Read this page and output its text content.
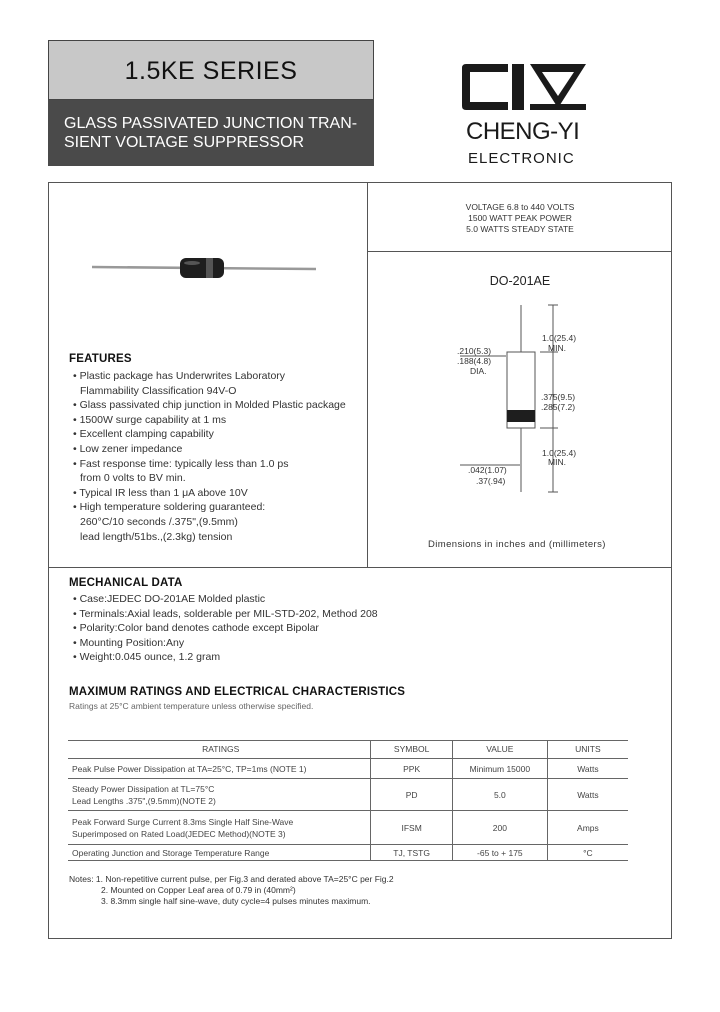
1.5KE SERIES
GLASS PASSIVATED JUNCTION TRAN-
SIENT VOLTAGE SUPPRESSOR	CHENG-YI
ELECTRONIC
VOLTAGE 6.8 to 440 VOLTS
1500 WATT PEAK POWER
5.0 WATTS STEADY STATE
DO-201AE
1.0(25.4)
MIN.
.210(5.3)
.188(4.8)
DIA.
.375(9.5)
.285(7.2)
1.0(25.4)
MIN.
.042(1.07)
.37(.94)
Dimensions in inches and (millimeters)
FEATURES
• Plastic package has Underwrites Laboratory
Flammability Classification 94V-O
• Glass passivated chip junction in Molded Plastic package
• 1500W surge capability at 1 ms
• Excellent clamping capability
• Low zener impedance
• Fast response time: typically less than 1.0 ps
from 0 volts to BV min.
• Typical IR less than 1 μA above 10V
• High temperature soldering guaranteed:
260°C/10 seconds /.375",(9.5mm)
lead length/51bs.,(2.3kg) tension
MECHANICAL DATA
• Case:JEDEC DO-201AE Molded plastic
• Terminals:Axial leads, solderable per MIL-STD-202, Method 208
• Polarity:Color band denotes cathode except Bipolar
• Mounting Position:Any
• Weight:0.045 ounce, 1.2 gram
MAXIMUM RATINGS AND ELECTRICAL CHARACTERISTICS
Ratings at 25°C ambient temperature unless otherwise specified.
RATINGS	SYMBOL	VALUE	UNITS
Peak Pulse Power Dissipation at TA=25°C, TP=1ms (NOTE 1)	PPK	Minimum 15000	Watts

Steady Power Dissipation at TL=75°C
Lead Lengths .375",(9.5mm)(NOTE 2)	PD	5.0	Watts

Peak Forward Surge Current 8.3ms Single Half Sine-Wave
Superimposed on Rated Load(JEDEC Method)(NOTE 3)	IFSM	200	Amps
Operating Junction and Storage Temperature Range	TJ, TSTG	-65 to + 175	°C
Notes: 1. Non-repetitive current pulse, per Fig.3 and derated above TA=25°C per Fig.2
2. Mounted on Copper Leaf area of 0.79 in (40mm²)
3. 8.3mm single half sine-wave, duty cycle=4 pulses minutes maximum.
